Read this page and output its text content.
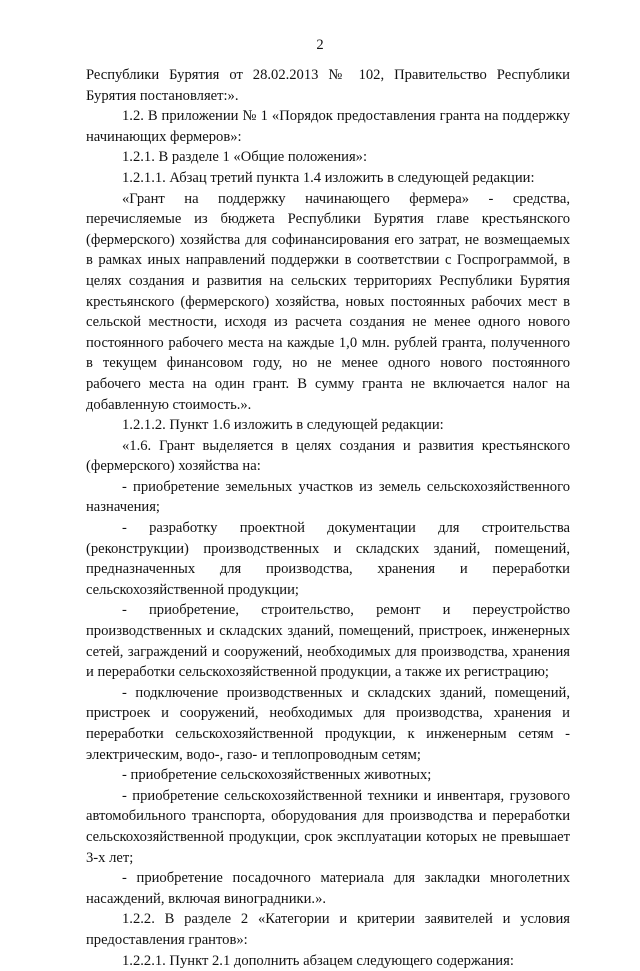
2

Республики Бурятия от 28.02.2013 № 102, Правительство Республики Бурятия постановляет:».

1.2. В приложении № 1 «Порядок предоставления гранта на поддержку начинающих фермеров»:

1.2.1. В разделе 1 «Общие положения»:

1.2.1.1. Абзац третий пункта 1.4 изложить в следующей редакции:

«Грант на поддержку начинающего фермера» - средства, перечисляемые из бюджета Республики Бурятия главе крестьянского (фермерского) хозяйства для софинансирования его затрат, не возмещаемых в рамках иных направлений поддержки в соответствии с Госпрограммой, в целях создания и развития на сельских территориях Республики Бурятия крестьянского (фермерского) хозяйства, новых постоянных рабочих мест в сельской местности, исходя из расчета создания не менее одного нового постоянного рабочего места на каждые 1,0 млн. рублей гранта, полученного в текущем финансовом году, но не менее одного нового постоянного рабочего места на один грант. В сумму гранта не включается налог на добавленную стоимость.».

1.2.1.2. Пункт 1.6 изложить в следующей редакции:

«1.6. Грант выделяется в целях создания и развития крестьянского (фермерского) хозяйства на:

- приобретение земельных участков из земель сельскохозяйственного назначения;

- разработку проектной документации для строительства (реконструкции) производственных и складских зданий, помещений, предназначенных для производства, хранения и переработки сельскохозяйственной продукции;

- приобретение, строительство, ремонт и переустройство производственных и складских зданий, помещений, пристроек, инженерных сетей, заграждений и сооружений, необходимых для производства, хранения и переработки сельскохозяйственной продукции, а также их регистрацию;

- подключение производственных и складских зданий, помещений, пристроек и сооружений, необходимых для производства, хранения и переработки сельскохозяйственной продукции, к инженерным сетям - электрическим, водо-, газо- и теплопроводным сетям;

- приобретение сельскохозяйственных животных;

- приобретение сельскохозяйственной техники и инвентаря, грузового автомобильного транспорта, оборудования для производства и переработки сельскохозяйственной продукции, срок эксплуатации которых не превышает 3-х лет;

- приобретение посадочного материала для закладки многолетних насаждений, включая виноградники.».

1.2.2. В разделе 2 «Категории и критерии заявителей и условия предоставления грантов»:

1.2.2.1. Пункт 2.1 дополнить абзацем следующего содержания:
